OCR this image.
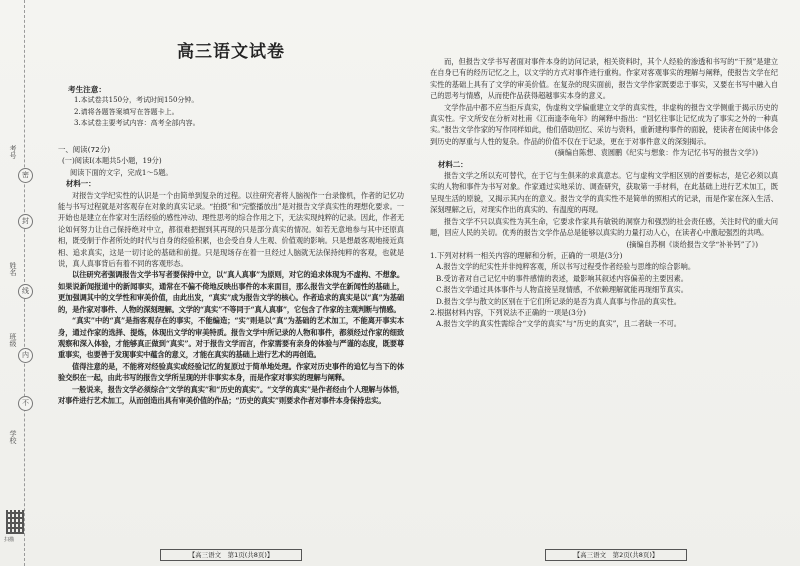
考号
姓名
班级
学校
密
封
线
内
不
扫描
高三语文试卷
考生注意：

1.本试卷共150分，考试时间150分钟。

2.请将各题答案填写在答题卡上。

3.本试卷主要考试内容：高考全部内容。

一、阅读(72分)

(一)阅读Ⅰ(本题共5小题，19分)

阅读下面的文字，完成1～5题。

材料一：

对报告文学纪实性的认识是一个由简单到复杂的过程。以往研究者将人脑视作一台录像机，作者的记忆功能与书写过程就是对客观存在对象的真实记录。“拍摄”和“完整播放出”是对报告文学真实性的理想化要求。一开始也是建立在作家对生活经验的感性冲动、理性思考的综合作用之下，无法实现纯粹的记录。因此，作者无论如何努力让自己保持绝对中立，都很难把握到其再现的只是部分真实的情况。如若无意地参与其中还原真相，既受制于作者所处的时代与自身的经验积累，也会受自身人生观、价值观的影响。只是想最客观地接近真相、追求真实，这是一切讨论的基础和前提。只是现场存在着一旦经过人脑就无法保持纯粹的客观，也就是说，真人真事背后有着不同的客观形态。

以往研究者强调报告文学书写者要保持中立，以“真人真事”为原则，对它的追求体现为不虚构、不想象。如果说新闻报道中的新闻事实，通常在不偏不倚地反映出事件的本来面目，那么报告文学在新闻性的基础上，更加强调其中的文学性和审美价值，由此出发，“真实”成为报告文学的核心。作者追求的真实是以“真”为基础的，是作家对事件、人物的深刻理解。文学的“真实”不等同于“真人真事”，它包含了作家的主观判断与情感。

“真实”中的“真”是指客观存在的事实，不能编造；“实”则是以“真”为基础的艺术加工，不能离开事实本身，通过作家的选择、提炼，体现出文学的审美特质。报告文学中所记录的人物和事件，都须经过作家的细致观察和深入体验，才能够真正做到“真实”。对于报告文学而言，作家需要有亲身的体验与严谨的态度，既要尊重事实，也要善于发现事实中蕴含的意义，才能在真实的基础上进行艺术的再创造。

值得注意的是，不能将对经验真实或经验记忆的复原过于简单地处理。作家对历史事件的追忆与当下的体验交织在一起，由此书写的报告文学所呈现的并非事实本身，而是作家对事实的理解与阐释。

一般说来，报告文学必须综合“文学的真实”和“历史的真实”。“文学的真实”是作者经由个人理解与体悟，对事件进行艺术加工，从而创造出具有审美价值的作品；“历史的真实”则要求作者对事件本身保持忠实。

【高三语文　第1页(共8页)】

而，但报告文学书写者面对事件本身的访问记录，相关资料时，其个人经验的渗透和书写的“干预”是建立在自身已有的经历记忆之上，以文学的方式对事件进行重构。作家对客观事实的理解与阐释，使报告文学在纪实性的基础上具有了文学的审美价值。在复杂的现实面前，报告文学作家既要忠于事实，又要在书写中融入自己的思考与情感，从而使作品获得超越事实本身的意义。

文学作品中都不应当拒斥真实，伪虚构文学偏重建立文学的真实性，非虚构的报告文学侧重于揭示历史的真实性。宇文所安在分析对杜甫《江南逢李龟年》的阐释中指出：“回忆往事让记忆成为了事实之外的一种真实。”报告文学作家的写作同样如此，他们借助回忆、采访与资料，重新建构事件的面貌，使读者在阅读中体会到历史的厚重与人性的复杂。作品的价值不仅在于记录，更在于对事件意义的深刻揭示。

(摘编自陈想、袁圆鹏《纪实与想象：作为记忆书写的报告文学》)

材料二：

报告文学之所以充可替代，在于它与生俱来的求真意志。它与虚构文学相区别的首要标志，是它必须以真实的人物和事件为书写对象。作家通过实地采访、调查研究，获取第一手材料，在此基础上进行艺术加工，既呈现生活的原貌，又揭示其内在的意义。报告文学的真实性不是简单的照相式的记录，而是作家在深入生活、深刻理解之后，对现实作出的真实的、有温度的再现。

报告文学不只以真实性为其生命，它要求作家具有敏锐的洞察力和强烈的社会责任感，关注时代的重大问题，回应人民的关切。优秀的报告文学作品总是能够以真实的力量打动人心，在读者心中激起强烈的共鸣。

(摘编自苏桐《谈给报告文学“补补钙”了》)

1.下列对材料一相关内容的理解和分析，正确的一项是(3分)

A.报告文学的纪实性并非纯粹客观，所以书写过程受作者经验与思维的综合影响。

B.受访者对自己记忆中的事件感情的表述，最影响其叙述内容偏差的主要因素。

C.报告文学通过具体事件与人物直接呈现情感，不依赖理解就能再现细节真实。

D.报告文学与散文的区别在于它们所记录的是否为真人真事与作品的真实性。

2.根据材料内容，下列说法不正确的一项是(3分)

A.报告文学的真实性需综合“文学的真实”与“历史的真实”，且二者缺一不可。

【高三语文　第2页(共8页)】
